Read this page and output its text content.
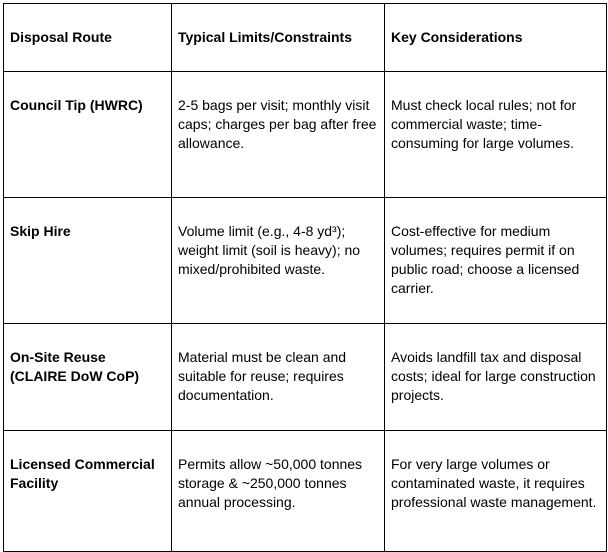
Disposal Route	Typical Limits/Constraints	Key Considerations
Council Tip (HWRC)	2-5 bags per visit; monthly visit caps; charges per bag after free allowance.	Must check local rules; not for commercial waste; time-consuming for large volumes.
Skip Hire	Volume limit (e.g., 4-8 yd³); weight limit (soil is heavy); no mixed/prohibited waste.	Cost-effective for medium volumes; requires permit if on public road; choose a licensed carrier.
On-Site Reuse (CLAIRE DoW CoP)	Material must be clean and suitable for reuse; requires documentation.	Avoids landfill tax and disposal costs; ideal for large construction projects.
Licensed Commercial Facility	Permits allow ~50,000 tonnes storage & ~250,000 tonnes annual processing.	For very large volumes or contaminated waste, it requires professional waste management.
